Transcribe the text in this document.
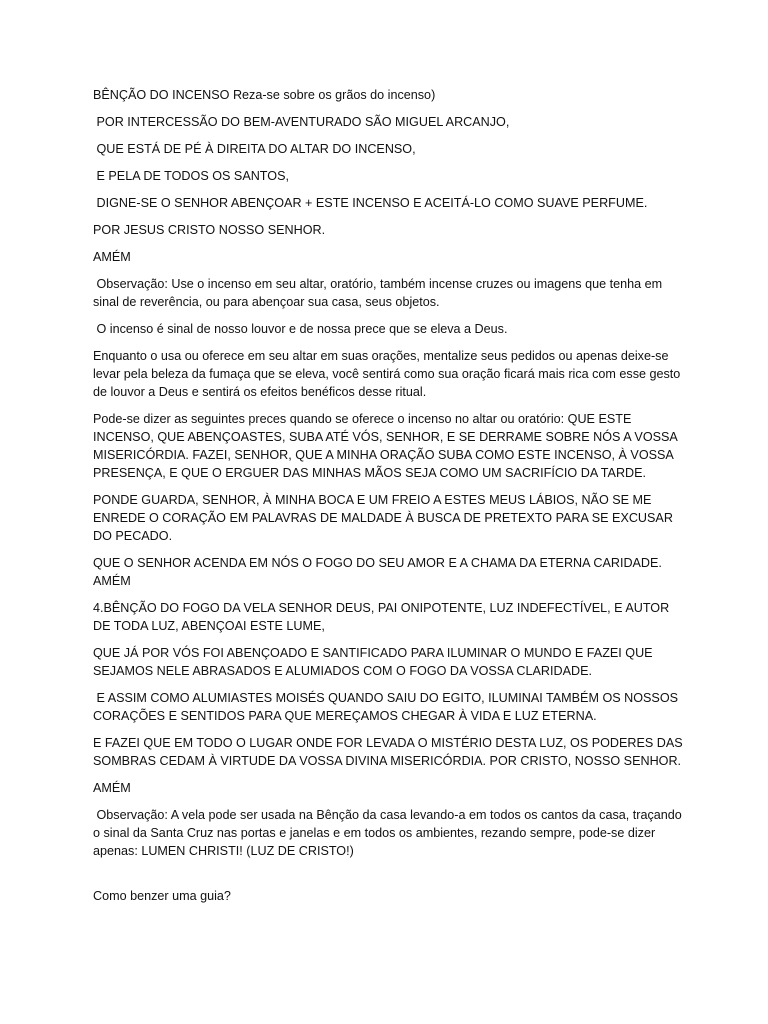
BÊNÇÃO DO INCENSO Reza-se sobre os grãos do incenso)

POR INTERCESSÃO DO BEM-AVENTURADO SÃO MIGUEL ARCANJO,

QUE ESTÁ DE PÉ À DIREITA DO ALTAR DO INCENSO,

E PELA DE TODOS OS SANTOS,

DIGNE-SE O SENHOR ABENÇOAR + ESTE INCENSO E ACEITÁ-LO COMO SUAVE PERFUME.

POR JESUS CRISTO NOSSO SENHOR.

AMÉM

Observação: Use o incenso em seu altar, oratório, também incense cruzes ou imagens que tenha em sinal de reverência, ou para abençoar sua casa, seus objetos.

O incenso é sinal de nosso louvor e de nossa prece que se eleva a Deus.

Enquanto o usa ou oferece em seu altar em suas orações, mentalize seus pedidos ou apenas deixe-se levar pela beleza da fumaça que se eleva, você sentirá como sua oração ficará mais rica com esse gesto de louvor a Deus e sentirá os efeitos benéficos desse ritual.

Pode-se dizer as seguintes preces quando se oferece o incenso no altar ou oratório: QUE ESTE INCENSO, QUE ABENÇOASTES, SUBA ATÉ VÓS, SENHOR, E SE DERRAME SOBRE NÓS A VOSSA MISERICÓRDIA. FAZEI, SENHOR, QUE A MINHA ORAÇÃO SUBA COMO ESTE INCENSO, À VOSSA PRESENÇA, E QUE O ERGUER DAS MINHAS MÃOS SEJA COMO UM SACRIFÍCIO DA TARDE.

PONDE GUARDA, SENHOR, À MINHA BOCA E UM FREIO A ESTES MEUS LÁBIOS, NÃO SE ME ENREDE O CORAÇÃO EM PALAVRAS DE MALDADE À BUSCA DE PRETEXTO PARA SE EXCUSAR DO PECADO.

QUE O SENHOR ACENDA EM NÓS O FOGO DO SEU AMOR E A CHAMA DA ETERNA CARIDADE. AMÉM

4.BÊNÇÃO DO FOGO DA VELA SENHOR DEUS, PAI ONIPOTENTE, LUZ INDEFECTÍVEL, E AUTOR DE TODA LUZ, ABENÇOAI ESTE LUME,

QUE JÁ POR VÓS FOI ABENÇOADO E SANTIFICADO PARA ILUMINAR O MUNDO E FAZEI QUE SEJAMOS NELE ABRASADOS E ALUMIADOS COM O FOGO DA VOSSA CLARIDADE.

E ASSIM COMO ALUMIASTES MOISÉS QUANDO SAIU DO EGITO, ILUMINAI TAMBÉM OS NOSSOS CORAÇÕES E SENTIDOS PARA QUE MEREÇAMOS CHEGAR À VIDA E LUZ ETERNA.

E FAZEI QUE EM TODO O LUGAR ONDE FOR LEVADA O MISTÉRIO DESTA LUZ, OS PODERES DAS SOMBRAS CEDAM À VIRTUDE DA VOSSA DIVINA MISERICÓRDIA. POR CRISTO, NOSSO SENHOR.

AMÉM

Observação: A vela pode ser usada na Bênção da casa levando-a em todos os cantos da casa, traçando o sinal da Santa Cruz nas portas e janelas e em todos os ambientes, rezando sempre, pode-se dizer apenas: LUMEN CHRISTI! (LUZ DE CRISTO!)

Como benzer uma guia?
